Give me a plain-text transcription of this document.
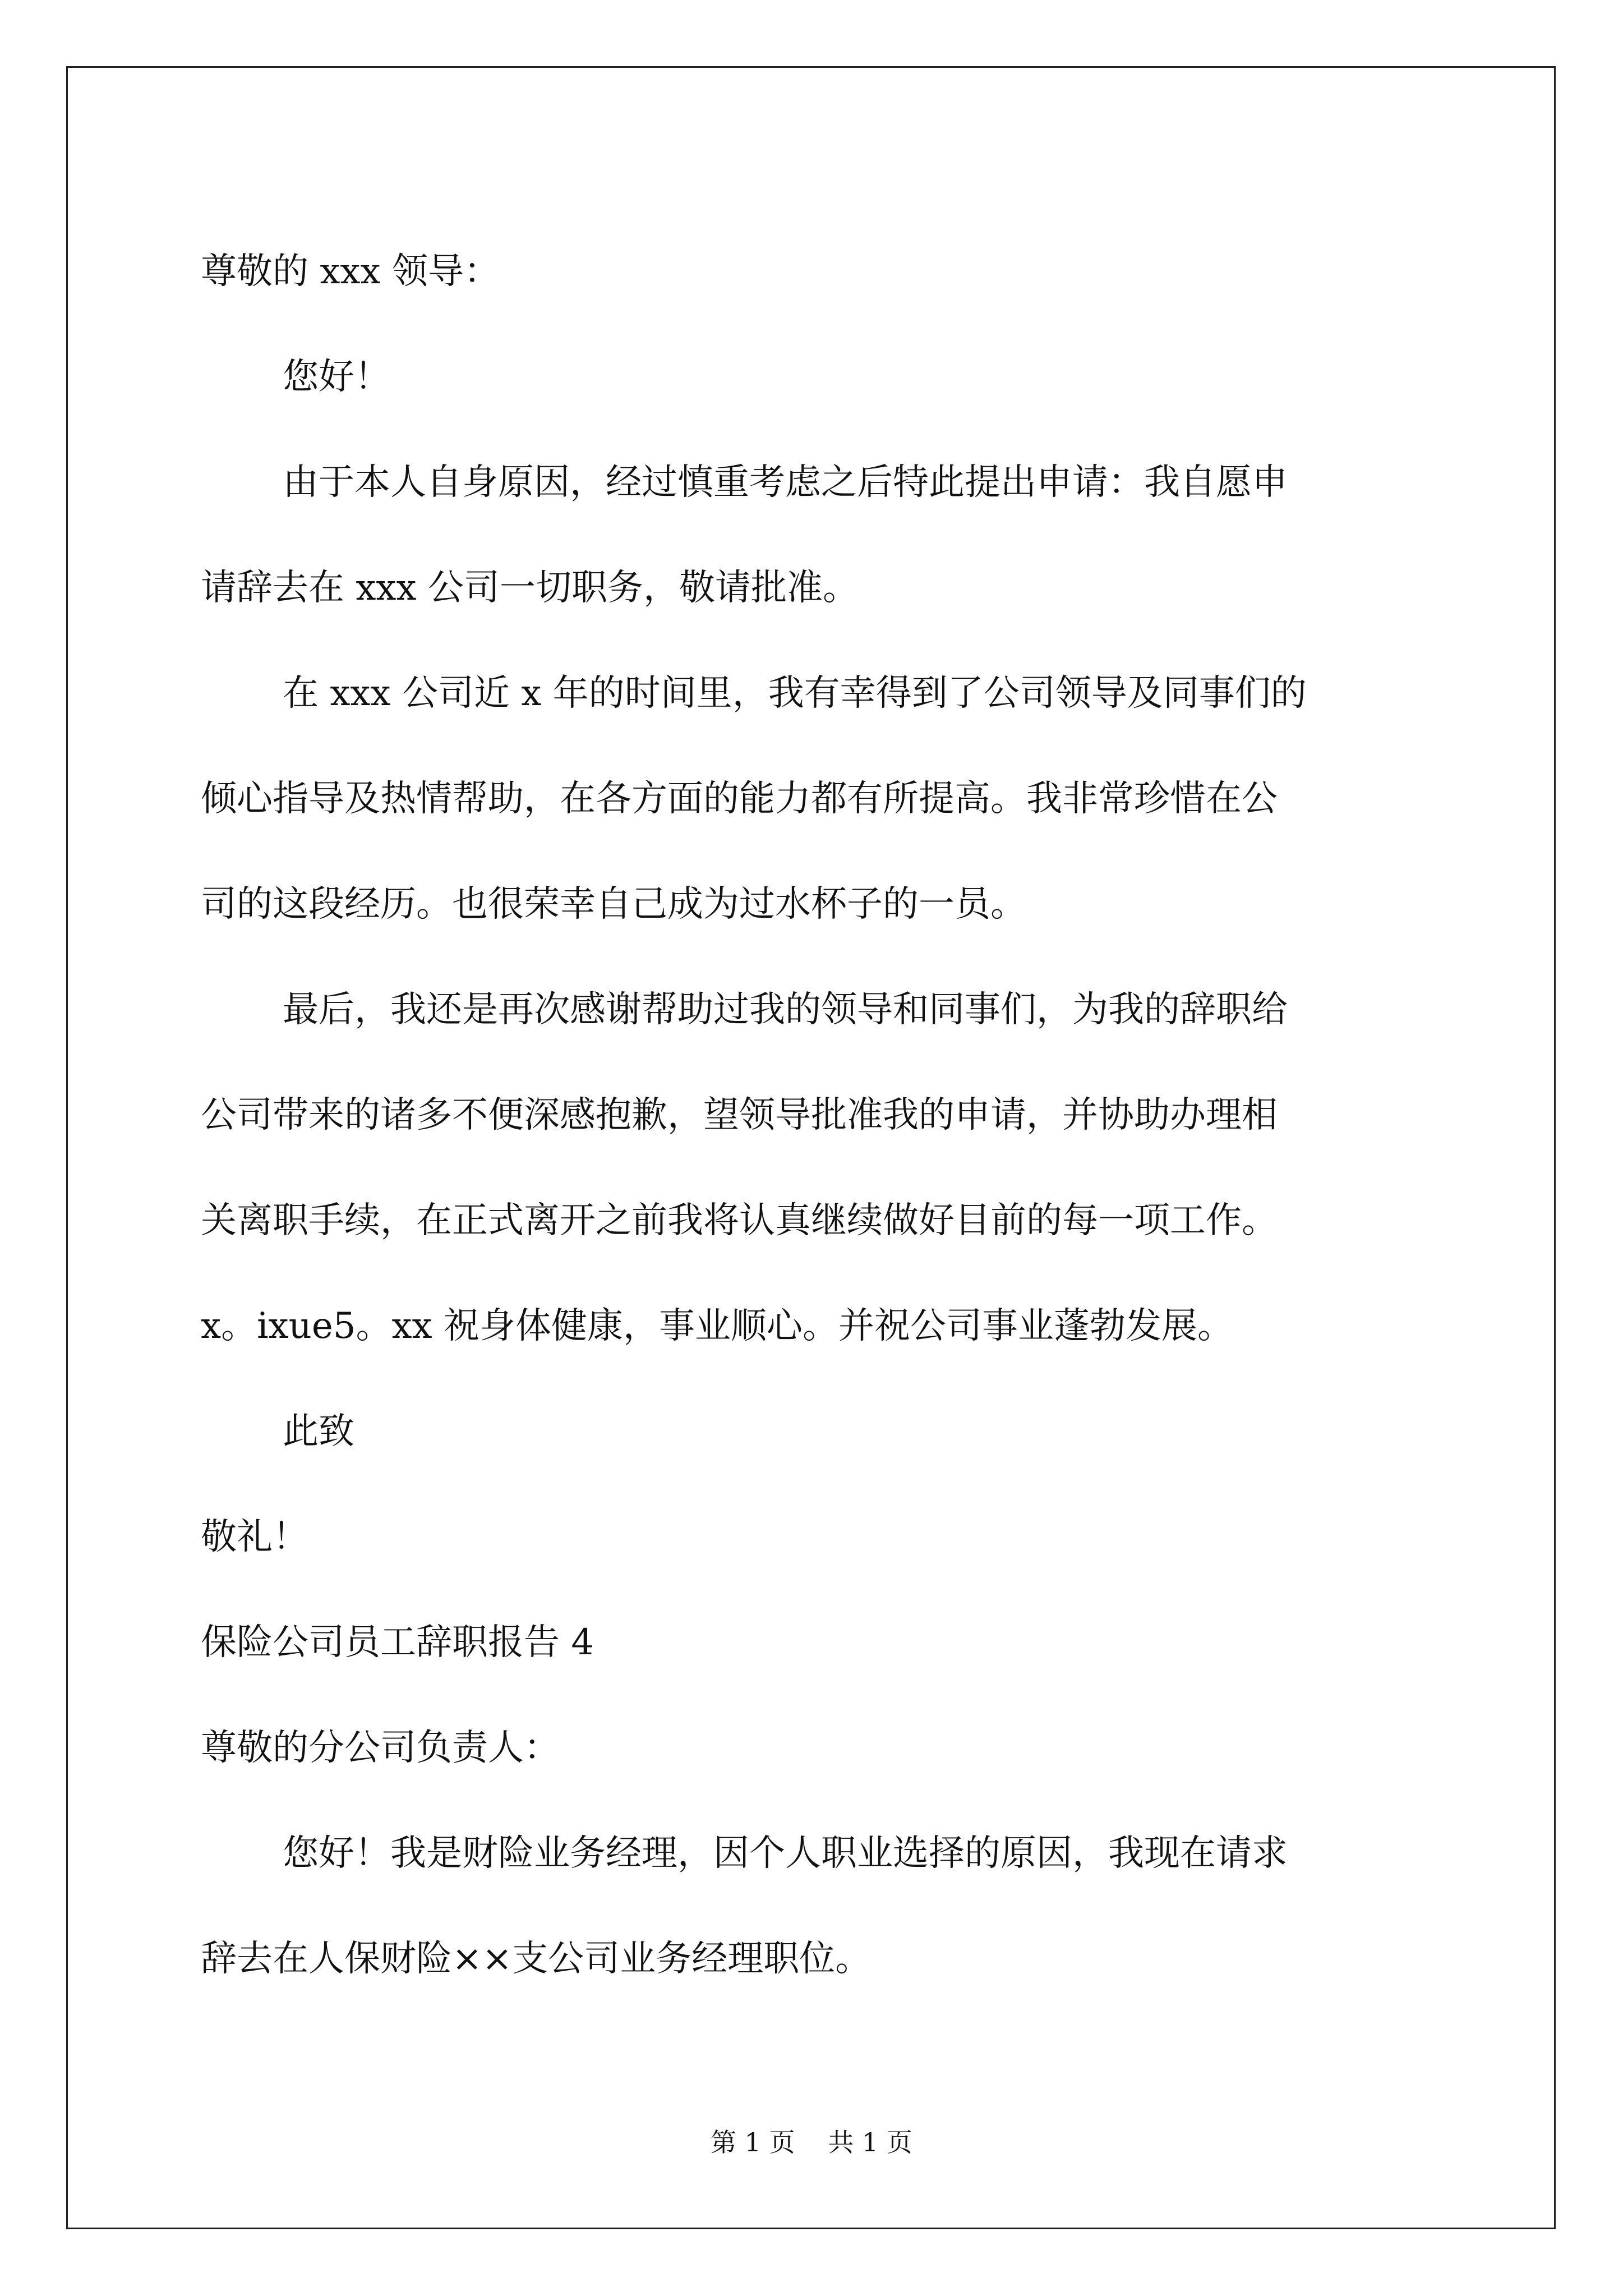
尊敬的 xxx 领导：
您好！
由于本人自身原因，经过慎重考虑之后特此提出申请：我自愿申
请辞去在 xxx 公司一切职务，敬请批准。
在 xxx 公司近 x 年的时间里，我有幸得到了公司领导及同事们的
倾心指导及热情帮助，在各方面的能力都有所提高。我非常珍惜在公
司的这段经历。也很荣幸自己成为过水杯子的一员。
最后，我还是再次感谢帮助过我的领导和同事们，为我的辞职给
公司带来的诸多不便深感抱歉，望领导批准我的申请，并协助办理相
关离职手续，在正式离开之前我将认真继续做好目前的每一项工作。
x。ixue5。xx 祝身体健康，事业顺心。并祝公司事业蓬勃发展。
此致
敬礼！
保险公司员工辞职报告 4
尊敬的分公司负责人：
您好！我是财险业务经理，因个人职业选择的原因，我现在请求
辞去在人保财险××支公司业务经理职位。
第 1 页 共 1 页
